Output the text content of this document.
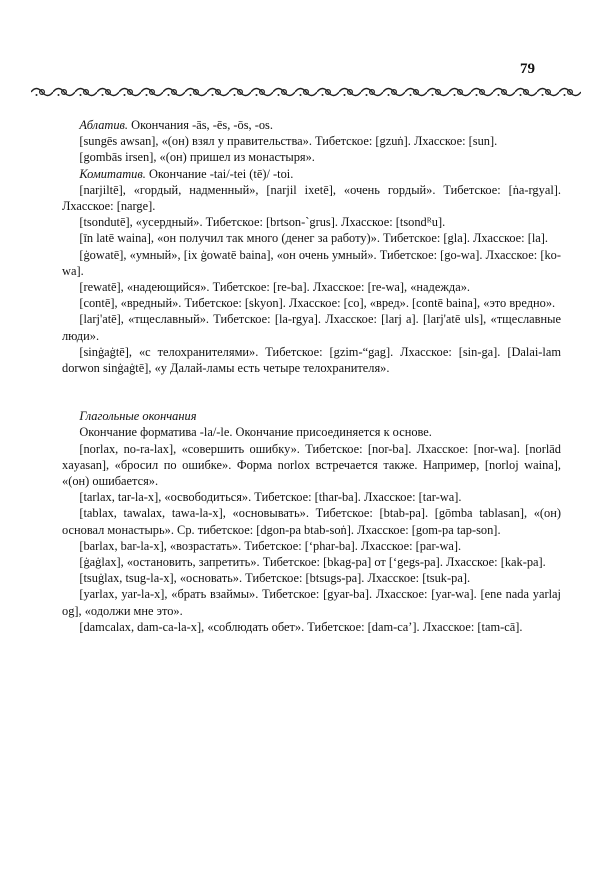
79

Аблатив. Окончания -ās, -ēs, -ōs, -os.

[sungēs awsan], «(он) взял у правительства». Тибетское: [gzuṅ]. Лхасское: [sun].

[gombās irsen], «(он) пришел из монастыря».

Комитатив. Окончание -tai/-tei (tē)/ -toi.

[narjiltē], «гордый, надменный», [narjil ixetē], «очень гордый». Тибетское: [ṅa-rgyal]. Лхасское: [narge].

[tsondutē], «усердный». Тибетское: [brtson-`grus]. Лхасское: [tsondᴿu].

[īn latē waina], «он получил так много (денег за работу)». Тибетское: [gla]. Лхасское: [la].

[ġowatē], «умный», [ix ġowatē baina], «он очень умный». Тибетское: [go-wa]. Лхасское: [ko-wa].

[rewatē], «надеющийся». Тибетское: [re-ba]. Лхасское: [re-wa], «надежда».

[contē], «вредный». Тибетское: [skyon]. Лхасское: [co], «вред». [contē baina], «это вредно».

[larj'atē], «тщеславный». Тибетское: [la-rgya]. Лхасское: [larj a]. [larj'atē uls], «тщеславные люди».

[sinġaġtē], «с телохранителями». Тибетское: [gzim-“gag]. Лхасское: [sin-ga]. [Dalai-lam dorwon sinġaġtē], «у Далай-ламы есть четыре телохранителя».

Глагольные окончания

Окончание формативa -la/-le. Окончание присоединяется к основе.

[norlax, no-ra-lax], «совершить ошибку». Тибетское: [nor-ba]. Лхасское: [nor-wa]. [norlād xayasan], «бросил по ошибке». Форма norlox встречается также. Например, [norloj waina], «(он) ошибается».

[tarlax, tar-la-x], «освободиться». Тибетское: [thar-ba]. Лхасское: [tar-wa].

[tablax, tawalax, tawa-la-x], «основывать». Тибетское: [btab-pa]. [gōmba tablasan], «(он) основал монастырь». Ср. тибетское: [dgon-pa btab-soṅ]. Лхасское: [gom-pa tap-son].

[barlax, bar-la-x], «возрастать». Тибетское: [‘phar-ba]. Лхасское: [par-wa].

[ġaġlax], «остановить, запретить». Тибетское: [bkag-pa] от [‘gegs-pa]. Лхасское: [kak-pa].

[tsuġlax, tsug-la-x], «основать». Тибетское: [btsugs-pa]. Лхасское: [tsuk-pa].

[yarlax, yar-la-x], «брать взаймы». Тибетское: [gyar-ba]. Лхасское: [yar-wa]. [ene nada yarlaj og], «одолжи мне это».

[damcalax, dam-ca-la-x], «соблюдать обет». Тибетское: [dam-ca’]. Лхасское: [tam-cā].
